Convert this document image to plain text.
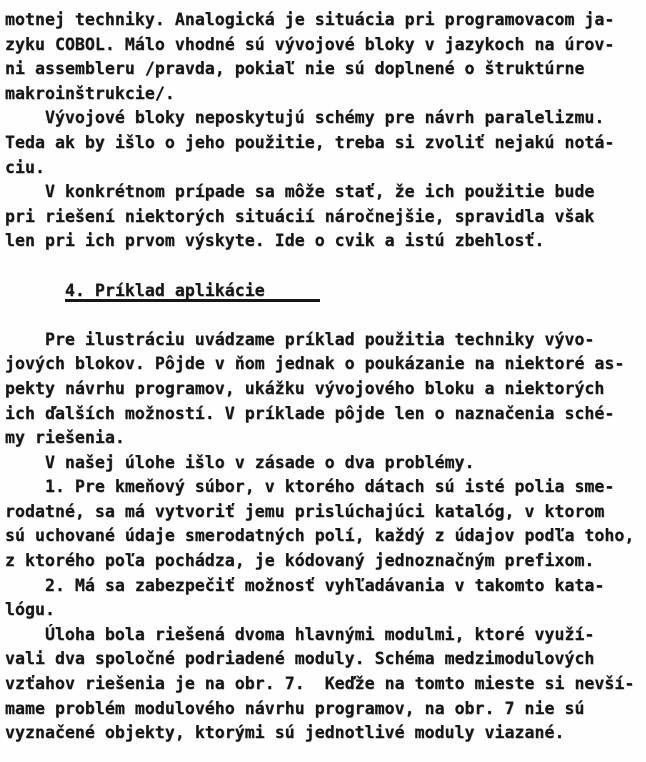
motnej techniky. Analogická je situácia pri programovacom ja-
zyku COBOL. Málo vhodné sú vývojové bloky v jazykoch na úrov-
ni assembleru /pravda, pokiaľ nie sú doplnené o štruktúrne
makroinštrukcie/.
Vývojové bloky neposkytujú schémy pre návrh paralelizmu.
Teda ak by išlo o jeho použitie, treba si zvoliť nejakú notá-
ciu.
V konkrétnom prípade sa môže stať, že ich použitie bude
pri riešení niektorých situácií náročnejšie, spravidla však
len pri ich prvom výskyte. Ide o cvik a istú zbehlosť.
4. Príklad aplikácie
Pre ilustráciu uvádzame príklad použitia techniky vývo-
jových blokov. Pôjde v ňom jednak o poukázanie na niektoré as-
pekty návrhu programov, ukážku vývojového bloku a niektorých
ich ďalších možností. V príklade pôjde len o naznačenia sché-
my riešenia.
V našej úlohe išlo v zásade o dva problémy.
1. Pre kmeňový súbor, v ktorého dátach sú isté polia sme-
rodatné, sa má vytvoriť jemu prislúchajúci katalóg, v ktorom
sú uchované údaje smerodatných polí, každý z údajov podľa toho,
z ktorého poľa pochádza, je kódovaný jednoznačným prefixom.
2. Má sa zabezpečiť možnosť vyhľadávania v takomto kata-
lógu.
Úloha bola riešená dvoma hlavnými modulmi, ktoré využí-
vali dva spoločné podriadené moduly. Schéma medzimodulových
vzťahov riešenia je na obr. 7.  Keďže na tomto mieste si nevší-
mame problém modulového návrhu programov, na obr. 7 nie sú
vyznačené objekty, ktorými sú jednotlivé moduly viazané.
